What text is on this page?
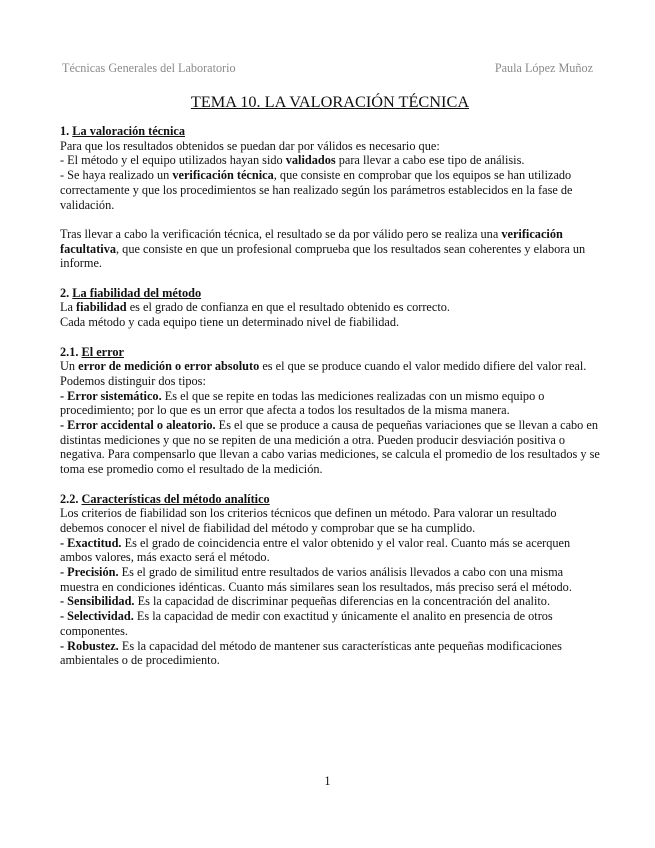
Técnicas Generales del Laboratorio	Paula López Muñoz
TEMA 10. LA VALORACIÓN TÉCNICA

1. La valoración técnica

Para que los resultados obtenidos se puedan dar por válidos es necesario que:

- El método y el equipo utilizados hayan sido validados para llevar a cabo ese tipo de análisis.

- Se haya realizado un verificación técnica, que consiste en comprobar que los equipos se han utilizado correctamente y que los procedimientos se han realizado según los parámetros establecidos en la fase de validación.

Tras llevar a cabo la verificación técnica, el resultado se da por válido pero se realiza una verificación facultativa, que consiste en que un profesional comprueba que los resultados sean coherentes y elabora un informe.

2. La fiabilidad del método

La fiabilidad es el grado de confianza en que el resultado obtenido es correcto.

Cada método y cada equipo tiene un determinado nivel de fiabilidad.

2.1. El error

Un error de medición o error absoluto es el que se produce cuando el valor medido difiere del valor real. Podemos distinguir dos tipos:

- Error sistemático. Es el que se repite en todas las mediciones realizadas con un mismo equipo o procedimiento; por lo que es un error que afecta a todos los resultados de la misma manera.

- Error accidental o aleatorio. Es el que se produce a causa de pequeñas variaciones que se llevan a cabo en distintas mediciones y que no se repiten de una medición a otra. Pueden producir desviación positiva o negativa. Para compensarlo que llevan a cabo varias mediciones, se calcula el promedio de los resultados y se toma ese promedio como el resultado de la medición.

2.2. Características del método analítico

Los criterios de fiabilidad son los criterios técnicos que definen un método. Para valorar un resultado debemos conocer el nivel de fiabilidad del método y comprobar que se ha cumplido.

- Exactitud. Es el grado de coincidencia entre el valor obtenido y el valor real. Cuanto más se acerquen ambos valores, más exacto será el método.

- Precisión. Es el grado de similitud entre resultados de varios análisis llevados a cabo con una misma muestra en condiciones idénticas. Cuanto más similares sean los resultados, más preciso será el método.

- Sensibilidad. Es la capacidad de discriminar pequeñas diferencias en la concentración del analito.

- Selectividad. Es la capacidad de medir con exactitud y únicamente el analito en presencia de otros componentes.

- Robustez. Es la capacidad del método de mantener sus características ante pequeñas modificaciones ambientales o de procedimiento.

1
